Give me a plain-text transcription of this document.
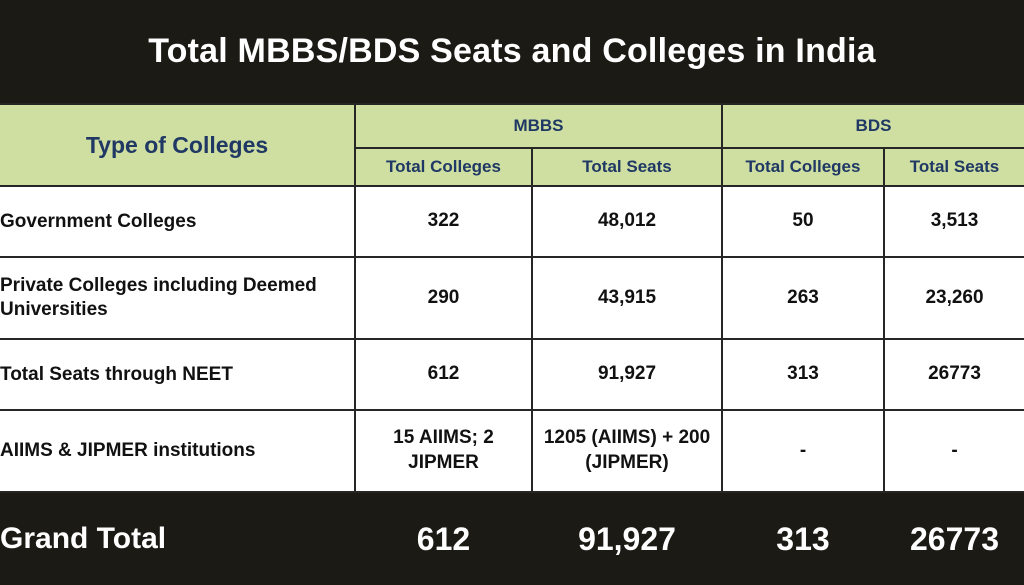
Total MBBS/BDS Seats and Colleges in India
Type of Colleges	MBBS		BDS	
	Total Colleges	Total Seats	Total Colleges	Total Seats
Government Colleges	322	48,012	50	3,513
Private Colleges including Deemed Universities	290	43,915	263	23,260
Total Seats through NEET	612	91,927	313	26773
AIIMS & JIPMER institutions	15 AIIMS; 2 JIPMER	1205 (AIIMS) + 200 (JIPMER)	-	-
Grand Total	612	91,927	313	26773
